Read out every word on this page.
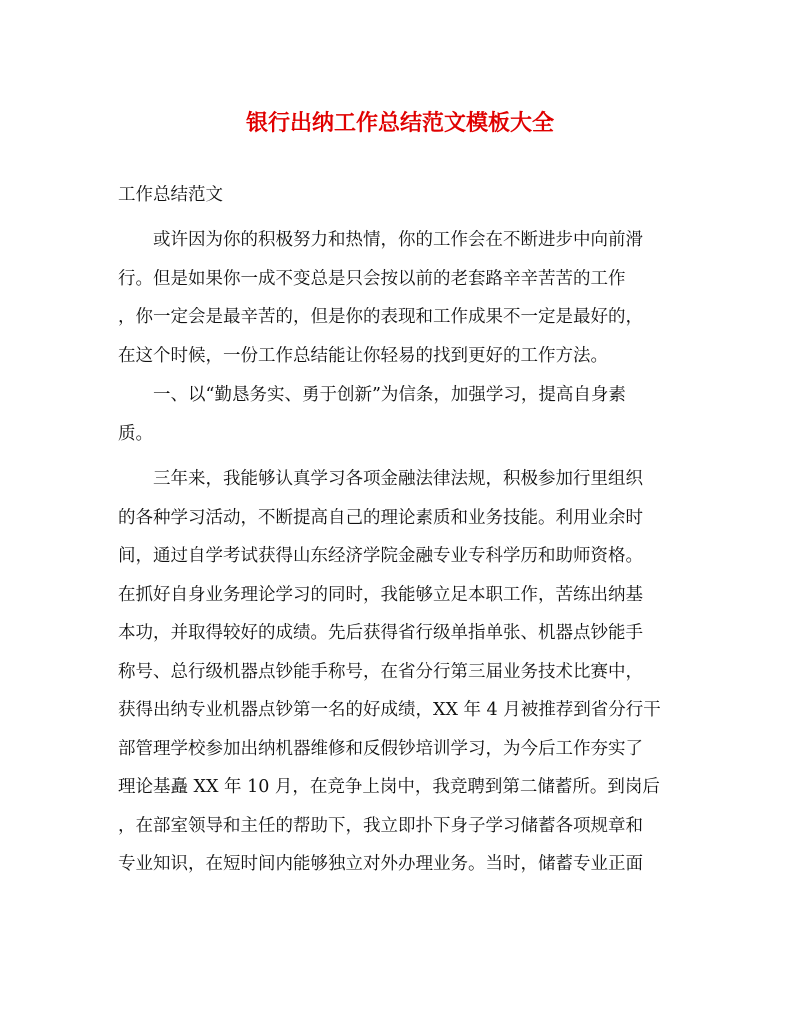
银行出纳工作总结范文模板大全
工作总结范文
　　或许因为你的积极努力和热情，你的工作会在不断进步中向前滑
行。但是如果你一成不变总是只会按以前的老套路辛辛苦苦的工作
，你一定会是最辛苦的，但是你的表现和工作成果不一定是最好的，
在这个时候，一份工作总结能让你轻易的找到更好的工作方法。
　　一、以“勤恳务实、勇于创新”为信条，加强学习，提高自身素
质。
　　三年来，我能够认真学习各项金融法律法规，积极参加行里组织
的各种学习活动，不断提高自己的理论素质和业务技能。利用业余时
间，通过自学考试获得山东经济学院金融专业专科学历和助师资格。
在抓好自身业务理论学习的同时，我能够立足本职工作，苦练出纳基
本功，并取得较好的成绩。先后获得省行级单指单张、机器点钞能手
称号、总行级机器点钞能手称号，在省分行第三届业务技术比赛中，
获得出纳专业机器点钞第一名的好成绩，XX 年 4 月被推荐到省分行干
部管理学校参加出纳机器维修和反假钞培训学习，为今后工作夯实了
理论基矗 XX 年 10 月，在竞争上岗中，我竞聘到第二储蓄所。到岗后
，在部室领导和主任的帮助下，我立即扑下身子学习储蓄各项规章和
专业知识，在短时间内能够独立对外办理业务。当时，储蓄专业正面
